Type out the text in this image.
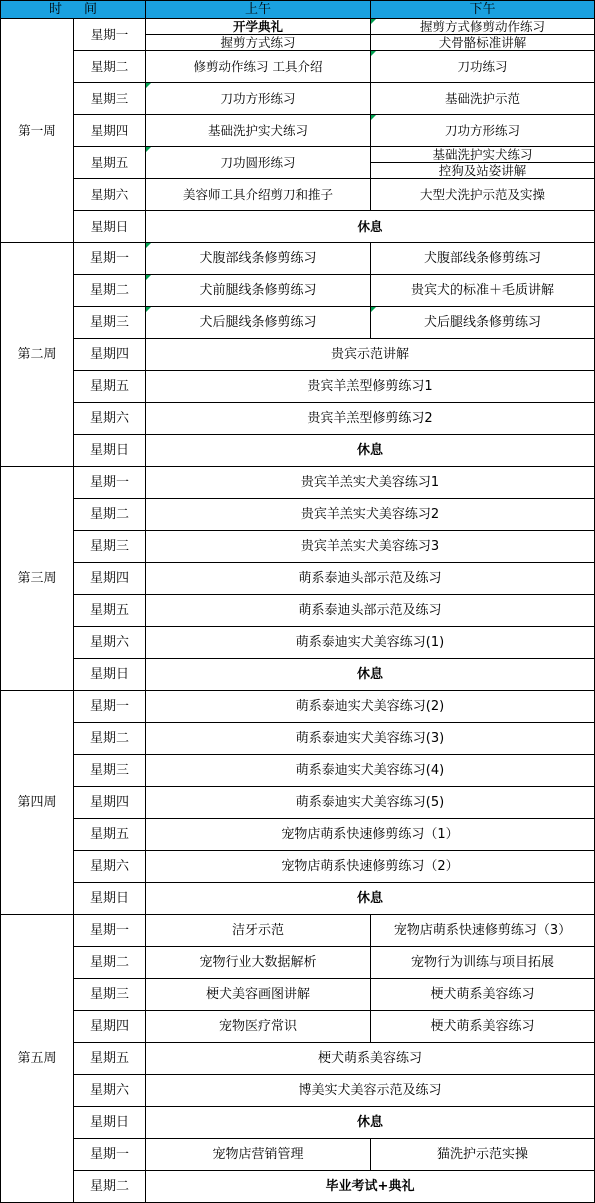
时 间		上午	下午
第一周	星期一	开学典礼	握剪方式修剪动作练习
		握剪方式练习	犬骨骼标准讲解
	星期二	修剪动作练习 工具介绍	刀功练习

	星期三	刀功方形练习	基础洗护示范

	星期四	基础洗护实犬练习	刀功方形练习

	星期五	刀功圆形练习	基础洗护实犬练习
			控狗及站姿讲解
	星期六	美容师工具介绍剪刀和推子	大型犬洗护示范及实操

	星期日	休息	

第二周	星期一	犬腹部线条修剪练习	犬腹部线条修剪练习
	星期二	犬前腿线条修剪练习	贵宾犬的标准＋毛质讲解
	星期三	犬后腿线条修剪练习	犬后腿线条修剪练习
	星期四	贵宾示范讲解	
	星期五	贵宾羊羔型修剪练习1	
	星期六	贵宾羊羔型修剪练习2	
	星期日	休息	
第三周	星期一	贵宾羊羔实犬美容练习1	
	星期二	贵宾羊羔实犬美容练习2	
	星期三	贵宾羊羔实犬美容练习3	
	星期四	萌系泰迪头部示范及练习	
	星期五	萌系泰迪头部示范及练习	
	星期六	萌系泰迪实犬美容练习(1)	
	星期日	休息	
第四周	星期一	萌系泰迪实犬美容练习(2)	
	星期二	萌系泰迪实犬美容练习(3)	
	星期三	萌系泰迪实犬美容练习(4)	
	星期四	萌系泰迪实犬美容练习(5)	
	星期五	宠物店萌系快速修剪练习（1）	
	星期六	宠物店萌系快速修剪练习（2）	
	星期日	休息	
第五周	星期一	洁牙示范	宠物店萌系快速修剪练习（3）
	星期二	宠物行业大数据解析	宠物行为训练与项目拓展
	星期三	梗犬美容画图讲解	梗犬萌系美容练习
	星期四	宠物医疗常识	梗犬萌系美容练习
	星期五	梗犬萌系美容练习	
	星期六	博美实犬美容示范及练习	
	星期日	休息	
	星期一	宠物店营销管理	猫洗护示范实操
	星期二	毕业考试+典礼	
